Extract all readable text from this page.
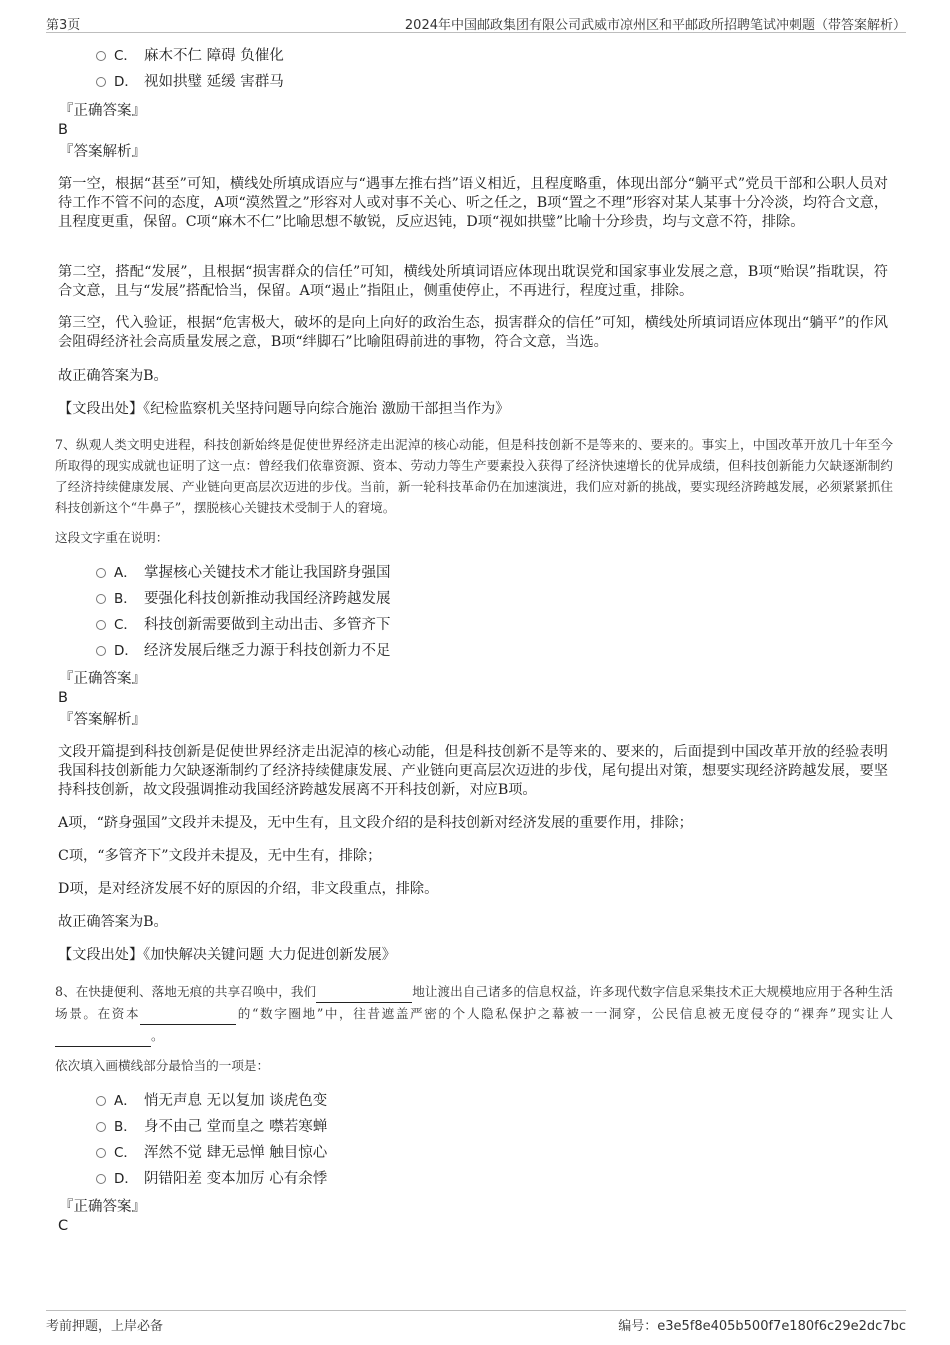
第3页	2024年中国邮政集团有限公司武威市凉州区和平邮政所招聘笔试冲刺题（带答案解析）
C． 麻木不仁 障碍 负催化
D． 视如拱璧 延缓 害群马
『正确答案』
B
『答案解析』
第一空，根据“甚至”可知，横线处所填成语应与“遇事左推右挡”语义相近，且程度略重，体现出部分“躺平式”党员干部和公职人员对待工作不管不问的态度，A项“漠然置之”形容对人或对事不关心、听之任之，B项“置之不理”形容对某人某事十分冷淡，均符合文意，且程度更重，保留。C项“麻木不仁”比喻思想不敏锐，反应迟钝，D项“视如拱璧”比喻十分珍贵，均与文意不符，排除。
第二空，搭配“发展”，且根据“损害群众的信任”可知，横线处所填词语应体现出耽误党和国家事业发展之意，B项“贻误”指耽误，符合文意，且与“发展”搭配恰当，保留。A项“遏止”指阻止，侧重使停止，不再进行，程度过重，排除。
第三空，代入验证，根据“危害极大，破坏的是向上向好的政治生态，损害群众的信任”可知，横线处所填词语应体现出“躺平”的作风会阻碍经济社会高质量发展之意，B项“绊脚石”比喻阻碍前进的事物，符合文意，当选。
故正确答案为B。
【文段出处】《纪检监察机关坚持问题导向综合施治 激励干部担当作为》
7、纵观人类文明史进程，科技创新始终是促使世界经济走出泥淖的核心动能，但是科技创新不是等来的、要来的。事实上，中国改革开放几十年至今所取得的现实成就也证明了这一点：曾经我们依靠资源、资本、劳动力等生产要素投入获得了经济快速增长的优异成绩，但科技创新能力欠缺逐渐制约了经济持续健康发展、产业链向更高层次迈进的步伐。当前，新一轮科技革命仍在加速演进，我们应对新的挑战，要实现经济跨越发展，必须紧紧抓住科技创新这个“牛鼻子”，摆脱核心关键技术受制于人的窘境。
这段文字重在说明：
A． 掌握核心关键技术才能让我国跻身强国
B． 要强化科技创新推动我国经济跨越发展
C． 科技创新需要做到主动出击、多管齐下
D． 经济发展后继乏力源于科技创新力不足
『正确答案』
B
『答案解析』
文段开篇提到科技创新是促使世界经济走出泥淖的核心动能，但是科技创新不是等来的、要来的，后面提到中国改革开放的经验表明我国科技创新能力欠缺逐渐制约了经济持续健康发展、产业链向更高层次迈进的步伐，尾句提出对策，想要实现经济跨越发展，要坚持科技创新，故文段强调推动我国经济跨越发展离不开科技创新，对应B项。
A项，“跻身强国”文段并未提及，无中生有，且文段介绍的是科技创新对经济发展的重要作用，排除；
C项，“多管齐下”文段并未提及，无中生有，排除；
D项，是对经济发展不好的原因的介绍，非文段重点，排除。
故正确答案为B。
【文段出处】《加快解决关键问题 大力促进创新发展》
8、在快捷便利、落地无痕的共享召唤中，我们	地让渡出自己诸多的信息权益，许多现代数字信息采集技术正大规模地应用于各种生活场景。在资本	的“数字圈地”中，往昔遮盖严密的个人隐私保护之幕被一一洞穿，公民信息被无度侵夺的“裸奔”现实让人 。
依次填入画横线部分最恰当的一项是：
A． 悄无声息 无以复加 谈虎色变
B． 身不由己 堂而皇之 噤若寒蝉
C． 浑然不觉 肆无忌惮 触目惊心
D． 阴错阳差 变本加厉 心有余悸
『正确答案』
C
考前押题，上岸必备	编号：e3e5f8e405b500f7e180f6c29e2dc7bc
